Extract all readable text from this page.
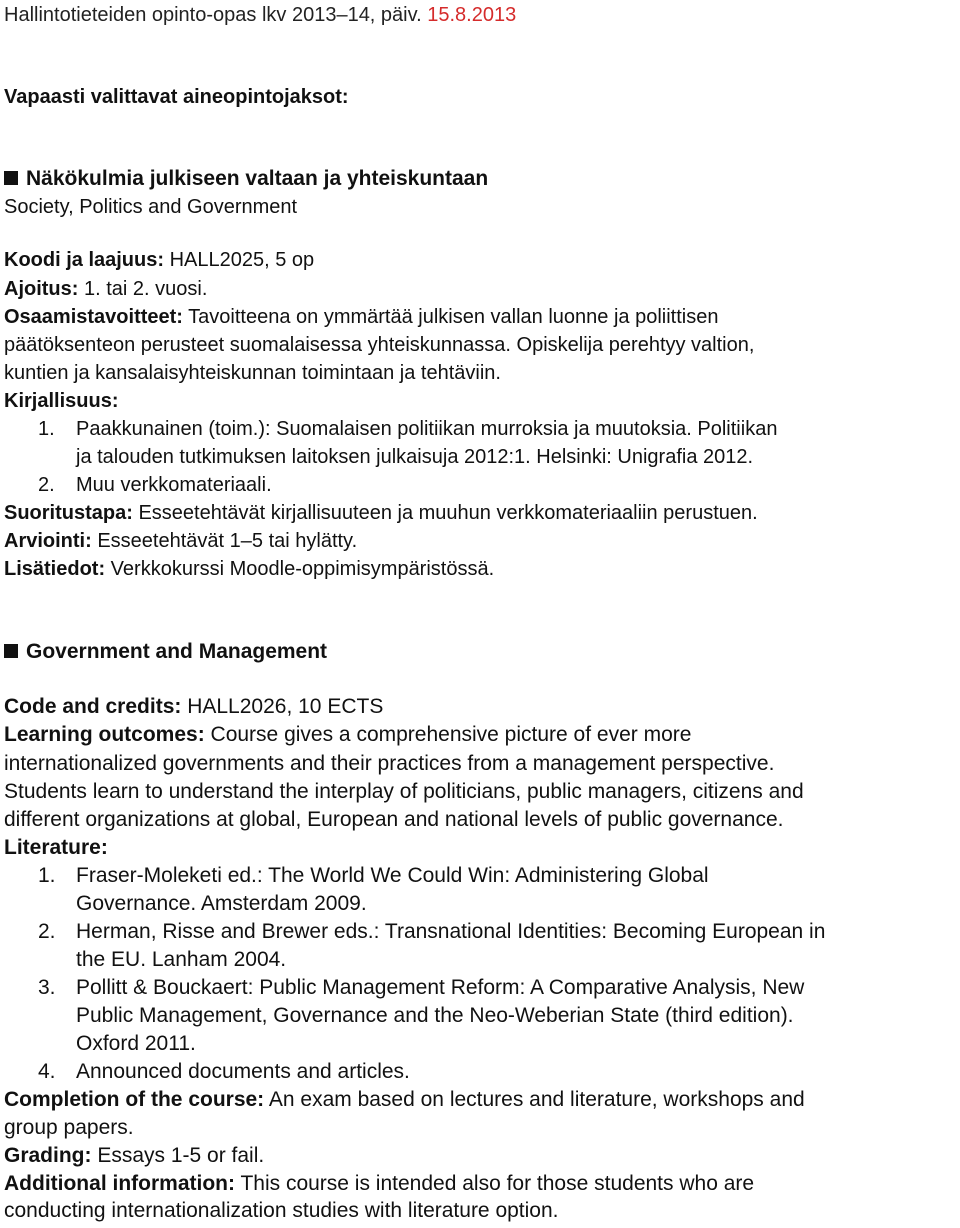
Hallintotieteiden opinto-opas lkv 2013–14, päiv. 15.8.2013
Vapaasti valittavat aineopintojaksot:
Näkökulmia julkiseen valtaan ja yhteiskuntaan
Society, Politics and Government
Koodi ja laajuus: HALL2025, 5 op
Ajoitus: 1. tai 2. vuosi.
Osaamistavoitteet: Tavoitteena on ymmärtää julkisen vallan luonne ja poliittisen
päätöksenteon perusteet suomalaisessa yhteiskunnassa. Opiskelija perehtyy valtion,
kuntien ja kansalaisyhteiskunnan toimintaan ja tehtäviin.
Kirjallisuus:
1. Paakkunainen (toim.): Suomalaisen politiikan murroksia ja muutoksia. Politiikan
ja talouden tutkimuksen laitoksen julkaisuja 2012:1. Helsinki: Unigrafia 2012.
2. Muu verkkomateriaali.
Suoritustapa: Esseetehtävät kirjallisuuteen ja muuhun verkkomateriaaliin perustuen.
Arviointi: Esseetehtävät 1–5 tai hylätty.
Lisätiedot: Verkkokurssi Moodle-oppimisympäristössä.
Government and Management
Code and credits: HALL2026, 10 ECTS
Learning outcomes: Course gives a comprehensive picture of ever more
internationalized governments and their practices from a management perspective.
Students learn to understand the interplay of politicians, public managers, citizens and
different organizations at global, European and national levels of public governance.
Literature:
1. Fraser-Moleketi ed.: The World We Could Win: Administering Global
Governance. Amsterdam 2009.
2. Herman, Risse and Brewer eds.: Transnational Identities: Becoming European in
the EU. Lanham 2004.
3. Pollitt & Bouckaert: Public Management Reform: A Comparative Analysis, New
Public Management, Governance and the Neo-Weberian State (third edition).
Oxford 2011.
4. Announced documents and articles.
Completion of the course: An exam based on lectures and literature, workshops and
group papers.
Grading: Essays 1-5 or fail.
Additional information: This course is intended also for those students who are
conducting internationalization studies with literature option.
